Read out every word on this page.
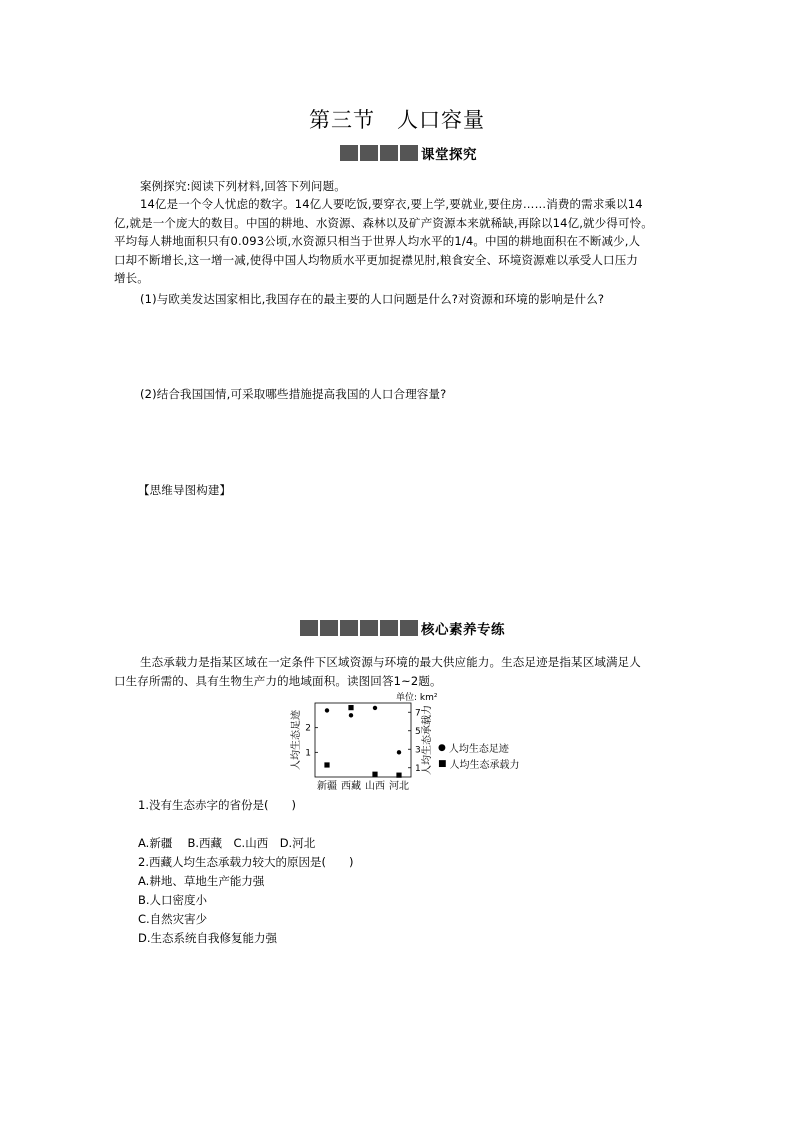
第三节 人口容量
课堂探究
案例探究:阅读下列材料,回答下列问题。
14亿是一个令人忧虑的数字。14亿人要吃饭,要穿衣,要上学,要就业,要住房……消费的需求乘以14
亿,就是一个庞大的数目。中国的耕地、水资源、森林以及矿产资源本来就稀缺,再除以14亿,就少得可怜。
平均每人耕地面积只有0.093公顷,水资源只相当于世界人均水平的1/4。中国的耕地面积在不断减少,人
口却不断增长,这一增一减,使得中国人均物质水平更加捉襟见肘,粮食安全、环境资源难以承受人口压力
增长。
(1)与欧美发达国家相比,我国存在的最主要的人口问题是什么?对资源和环境的影响是什么?
(2)结合我国国情,可采取哪些措施提高我国的人口合理容量?
【思维导图构建】
核心素养专练
生态承载力是指某区域在一定条件下区域资源与环境的最大供应能力。生态足迹是指某区域满足人
口生存所需的、具有生物生产力的地域面积。读图回答1~2题。
单位: km²
人均生态足迹	人均生态承载力
1
2
1
3
5
7
新疆 西藏 山西 河北
● 人均生态足迹
■ 人均生态承载力
1.没有生态赤字的省份是(　　)
A.新疆　 B.西藏　C.山西　D.河北
2.西藏人均生态承载力较大的原因是(　　)
A.耕地、草地生产能力强
B.人口密度小
C.自然灾害少
D.生态系统自我修复能力强
